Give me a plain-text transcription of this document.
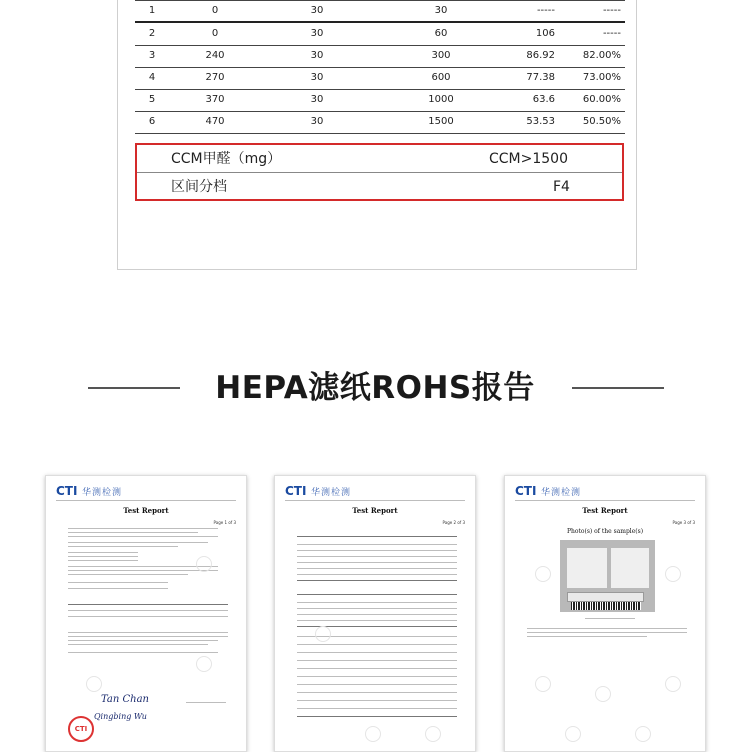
1	0	30	30	-----	-----
2	0	30	60	106	-----
3	240	30	300	86.92	82.00%
4	270	30	600	77.38	73.00%
5	370	30	1000	63.6	60.00%
6	470	30	1500	53.53	50.50%
CCM甲醛（mg）	CCM>1500
区间分档	F4
HEPA滤纸ROHS报告
CTI 华测检测
Test Report
Page 1 of 3
Tan Chan
Qingbing Wu
CTI
CTI 华测检测
Test Report
Page 2 of 3
CTI 华测检测
Test Report
Page 3 of 3
Photo(s) of the sample(s)
